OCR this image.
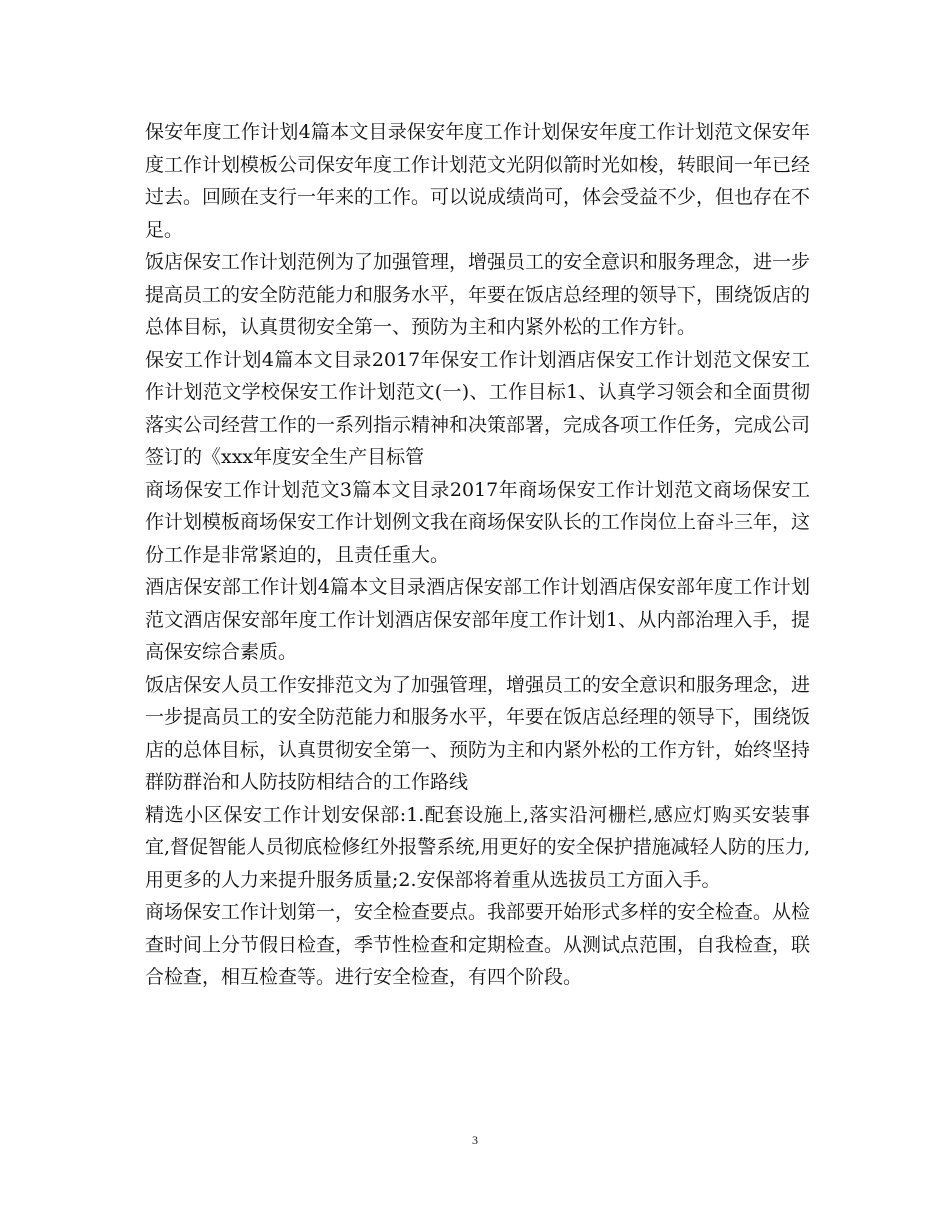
保安年度工作计划4篇本文目录保安年度工作计划保安年度工作计划范文保安年度工作计划模板公司保安年度工作计划范文光阴似箭时光如梭，转眼间一年已经过去。回顾在支行一年来的工作。可以说成绩尚可，体会受益不少，但也存在不足。

饭店保安工作计划范例为了加强管理，增强员工的安全意识和服务理念，进一步提高员工的安全防范能力和服务水平，年要在饭店总经理的领导下，围绕饭店的总体目标，认真贯彻安全第一、预防为主和内紧外松的工作方针。

保安工作计划4篇本文目录2017年保安工作计划酒店保安工作计划范文保安工作计划范文学校保安工作计划范文(一)、工作目标1、认真学习领会和全面贯彻落实公司经营工作的一系列指示精神和决策部署，完成各项工作任务，完成公司签订的《xxx年度安全生产目标管

商场保安工作计划范文3篇本文目录2017年商场保安工作计划范文商场保安工作计划模板商场保安工作计划例文我在商场保安队长的工作岗位上奋斗三年，这份工作是非常紧迫的，且责任重大。

酒店保安部工作计划4篇本文目录酒店保安部工作计划酒店保安部年度工作计划范文酒店保安部年度工作计划酒店保安部年度工作计划1、从内部治理入手，提高保安综合素质。

饭店保安人员工作安排范文为了加强管理，增强员工的安全意识和服务理念，进一步提高员工的安全防范能力和服务水平，年要在饭店总经理的领导下，围绕饭店的总体目标，认真贯彻安全第一、预防为主和内紧外松的工作方针，始终坚持群防群治和人防技防相结合的工作路线

精选小区保安工作计划安保部:1.配套设施上,落实沿河栅栏,感应灯购买安装事宜,督促智能人员彻底检修红外报警系统,用更好的安全保护措施减轻人防的压力,用更多的人力来提升服务质量;2.安保部将着重从选拔员工方面入手。

商场保安工作计划第一，安全检查要点。我部要开始形式多样的安全检查。从检查时间上分节假日检查，季节性检查和定期检查。从测试点范围，自我检查，联合检查，相互检查等。进行安全检查，有四个阶段。

3
